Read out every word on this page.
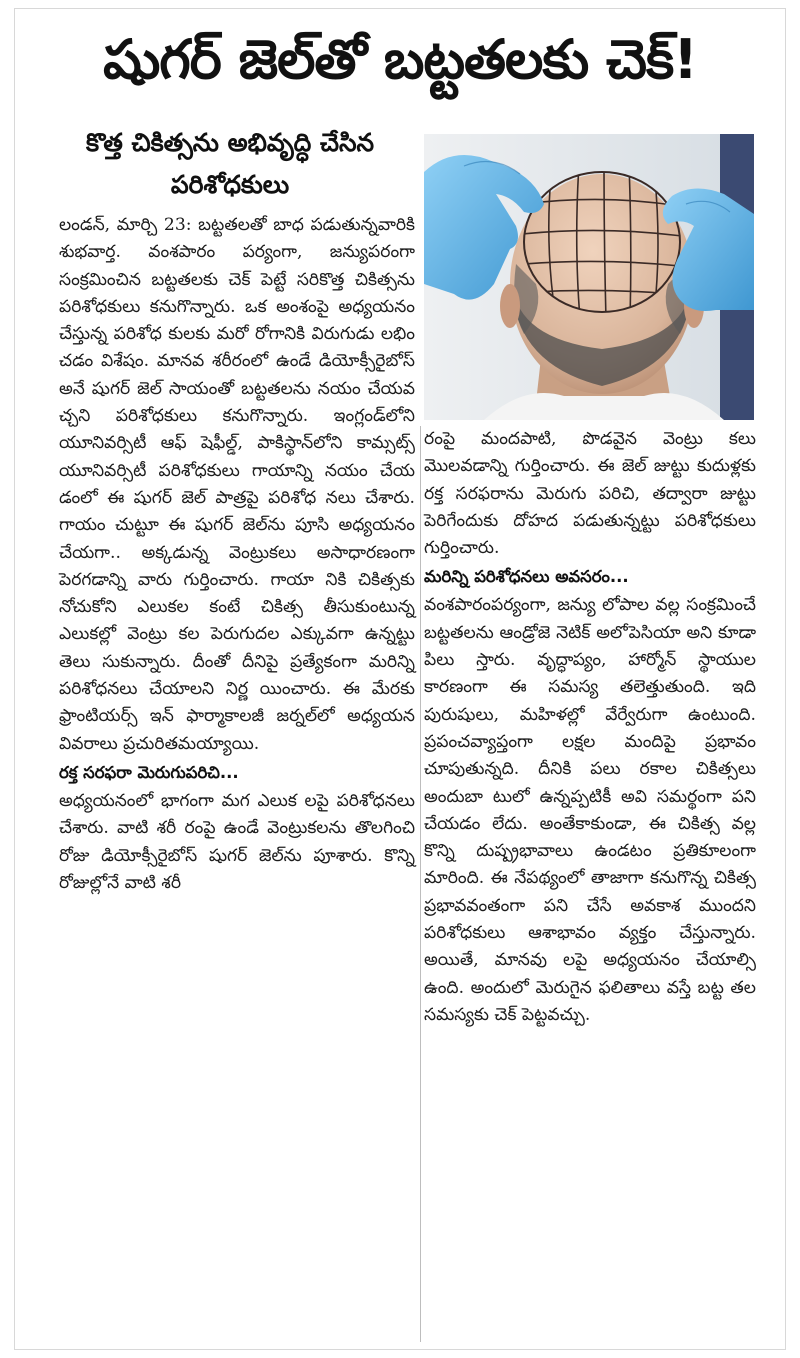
షుగర్ జెల్‌తో బట్టతలకు చెక్!
కొత్త చికిత్సను అభివృద్ధి చేసిన పరిశోధకులు

లండన్, మార్చి 23: బట్టతలతో బాధ పడుతున్నవారికి శుభవార్త. వంశపారం పర్యంగా, జన్యుపరంగా సంక్రమించిన బట్టతలకు చెక్ పెట్టే సరికొత్త చికిత్సను పరిశోధకులు కనుగొన్నారు. ఒక అంశంపై అధ్యయనం చేస్తున్న పరిశోధ కులకు మరో రోగానికి విరుగుడు లభిం చడం విశేషం. మానవ శరీరంలో ఉండే డియోక్సీరైబోస్ అనే షుగర్ జెల్ సాయంతో బట్టతలను నయం చేయవ చ్చని పరిశోధకులు కనుగొన్నారు. ఇంగ్లండ్‌లోని యూనివర్సిటీ ఆఫ్ షెఫీల్డ్, పాకిస్థాన్‌లోని కామ్సట్స్ యూనివర్సిటీ పరిశోధకులు గాయాన్ని నయం చేయ డంలో ఈ షుగర్ జెల్ పాత్రపై పరిశోధ నలు చేశారు. గాయం చుట్టూ ఈ షుగర్ జెల్‌ను పూసి అధ్యయనం చేయగా.. అక్కడున్న వెంట్రుకలు అసాధారణంగా పెరగడాన్ని వారు గుర్తించారు. గాయా నికి చికిత్సకు నోచుకోని ఎలుకల కంటే చికిత్స తీసుకుంటున్న ఎలుకల్లో వెంట్రు కల పెరుగుదల ఎక్కువగా ఉన్నట్టు తెలు సుకున్నారు. దీంతో దీనిపై ప్రత్యేకంగా మరిన్ని పరిశోధనలు చేయాలని నిర్ణ యించారు. ఈ మేరకు ఫ్రాంటియర్స్ ఇన్ ఫార్మాకాలజీ జర్నల్‌లో అధ్యయన వివరాలు ప్రచురితమయ్యాయి.

రక్త సరఫరా మెరుగుపరిచి...

అధ్యయనంలో భాగంగా మగ ఎలుక లపై పరిశోధనలు చేశారు. వాటి శరీ రంపై ఉండే వెంట్రుకలను తొలగించి రోజు డియోక్సీరైబోస్ షుగర్ జెల్‌ను పూశారు. కొన్ని రోజుల్లోనే వాటి శరీ

రంపై మందపాటి, పొడవైన వెంట్రు కలు మొలవడాన్ని గుర్తించారు. ఈ జెల్ జుట్టు కుదుళ్లకు రక్త సరఫరాను మెరుగు పరిచి, తద్వారా జుట్టు పెరిగేందుకు దోహద పడుతున్నట్టు పరిశోధకులు గుర్తించారు.

మరిన్ని పరిశోధనలు అవసరం...

వంశపారంపర్యంగా, జన్యు లోపాల వల్ల సంక్రమించే బట్టతలను ఆండ్రోజె నెటిక్ అలోపెసియా అని కూడా పిలు స్తారు. వృద్ధాప్యం, హార్మోన్ స్థాయుల కారణంగా ఈ సమస్య తలెత్తుతుంది. ఇది పురుషులు, మహిళల్లో వేర్వేరుగా ఉంటుంది. ప్రపంచవ్యాప్తంగా లక్షల మందిపై ప్రభావం చూపుతున్నది. దీనికి పలు రకాల చికిత్సలు అందుబా టులో ఉన్నప్పటికీ అవి సమర్థంగా పని చేయడం లేదు. అంతేకాకుండా, ఈ చికిత్స వల్ల కొన్ని దుష్ప్రభావాలు ఉండటం ప్రతికూలంగా మారింది. ఈ నేపథ్యంలో తాజాగా కనుగొన్న చికిత్స ప్రభావవంతంగా పని చేసే అవకాశ ముందని పరిశోధకులు ఆశాభావం వ్యక్తం చేస్తున్నారు. అయితే, మానవు లపై అధ్యయనం చేయాల్సి ఉంది. అందులో మెరుగైన ఫలితాలు వస్తే బట్ట తల సమస్యకు చెక్ పెట్టవచ్చు.
